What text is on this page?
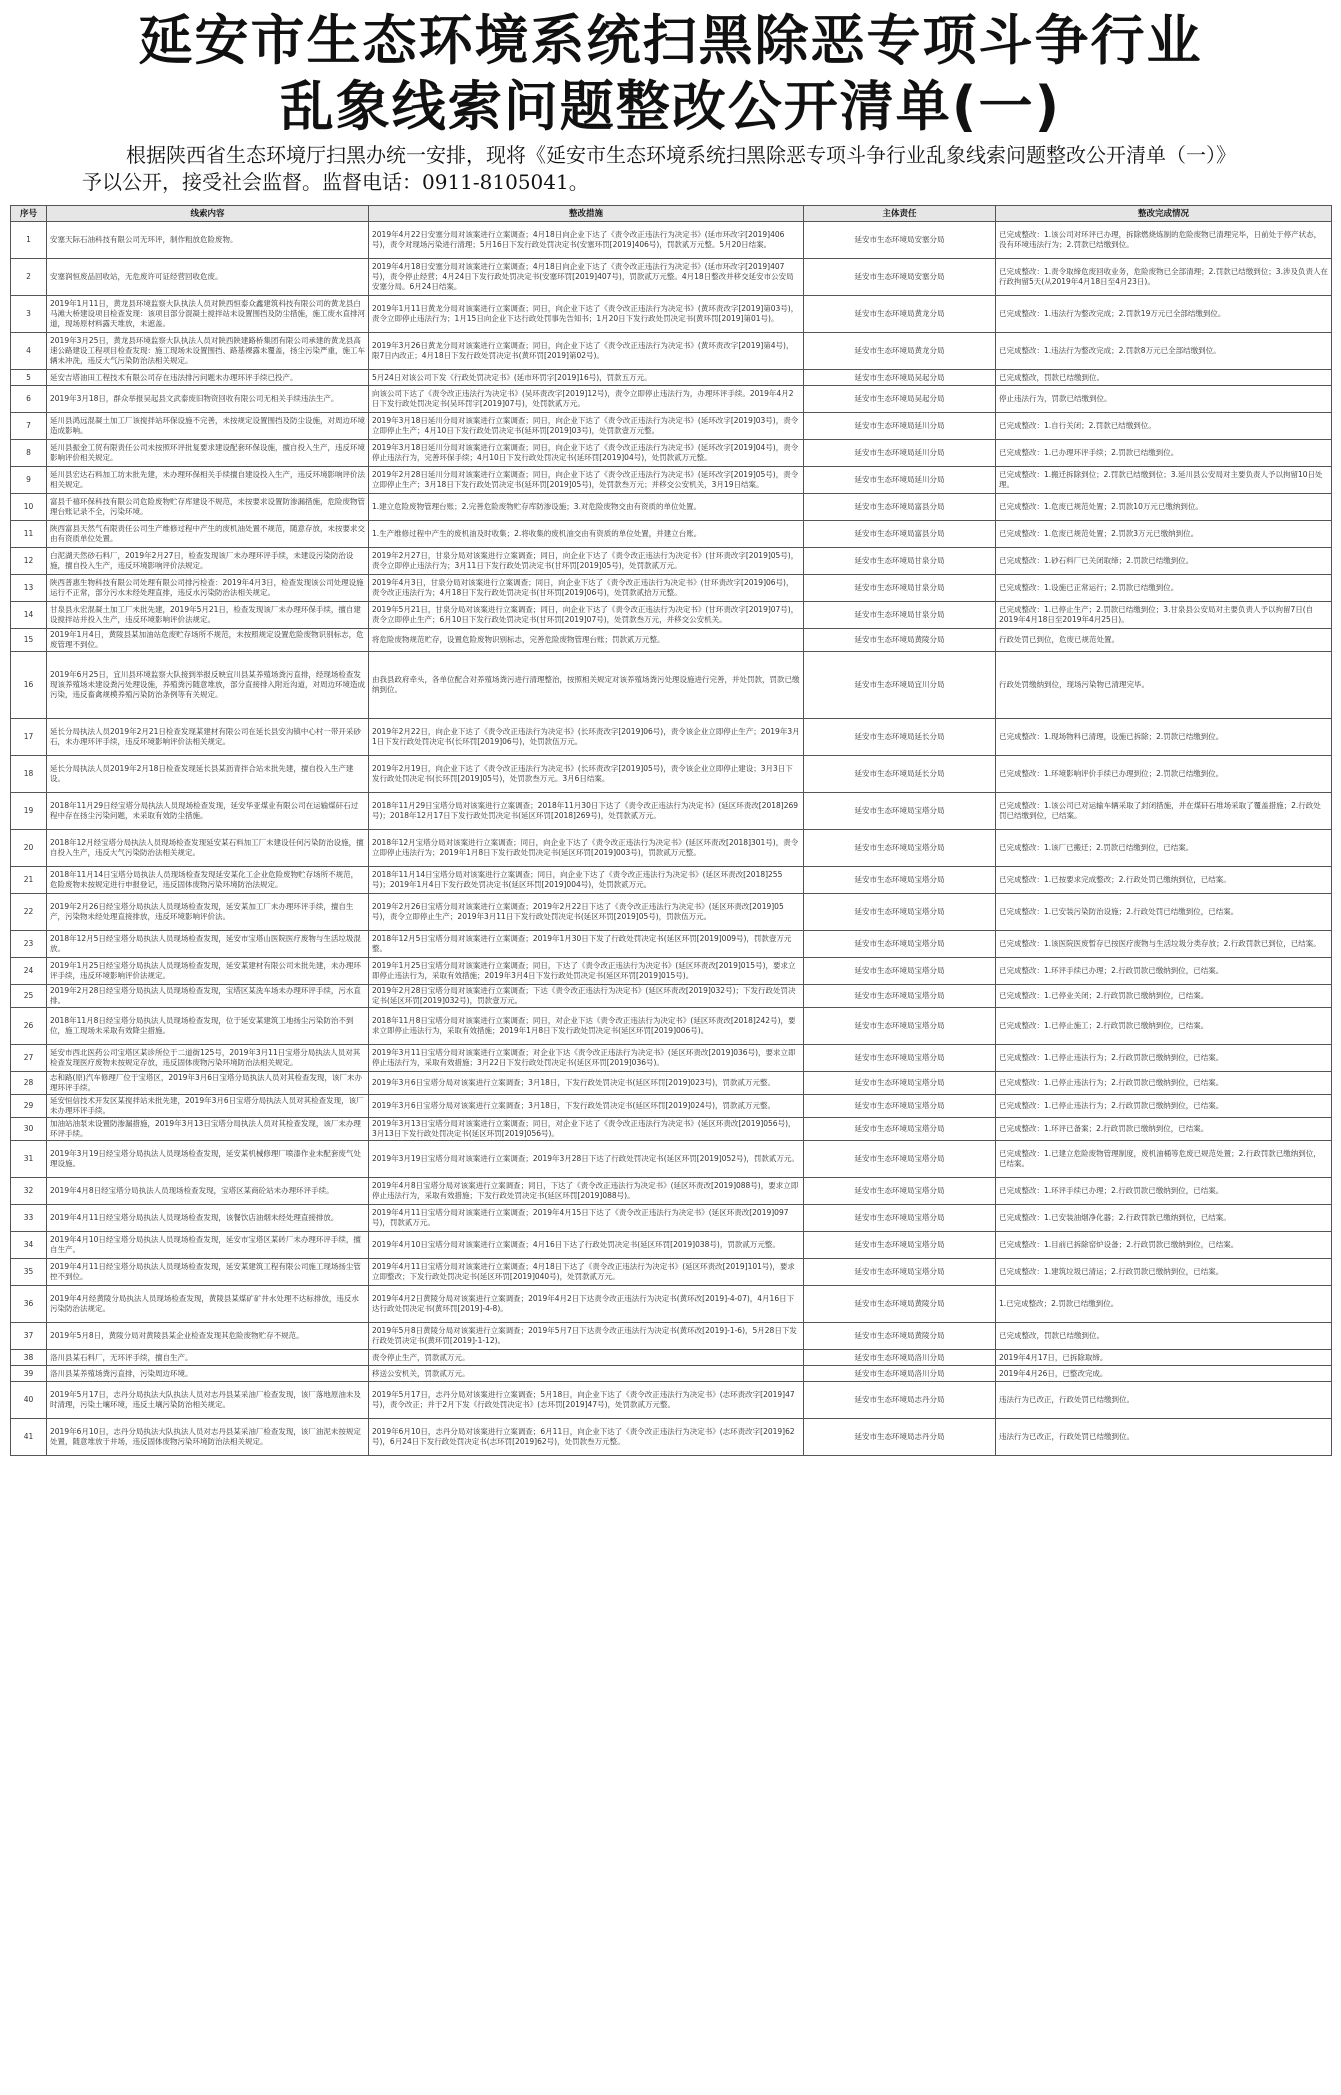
延安市生态环境系统扫黑除恶专项斗争行业
乱象线索问题整改公开清单(一)
根据陕西省生态环境厅扫黑办统一安排，现将《延安市生态环境系统扫黑除恶专项斗争行业乱象线索问题整改公开清单（一）》
予以公开，接受社会监督。监督电话：0911-8105041。
序号	线索内容	整改措施	主体责任	整改完成情况
1	安塞天际石油科技有限公司无环评，制作粗放危险废物。	2019年4月22日安塞分局对该案进行立案调查；4月18日向企业下达了《责令改正违法行为决定书》(延市环改字[2019]406号)，责令对现场污染进行清理；5月16日下发行政处罚决定书(安塞环罚[2019]406号)，罚款贰万元整。5月20日结案。	延安市生态环境局安塞分局	已完成整改：1.该公司对环评已办理，拆除燃烧炼制的危险废物已清理完毕，日前处于停产状态，没有环境违法行为；2.罚款已结缴到位。
2	安塞润恒废品回收站，无危废许可证经营回收危废。	2019年4月18日安塞分局对该案进行立案调查；4月18日向企业下达了《责令改正违法行为决定书》(延市环改字[2019]407号)，责令停止经营；4月24日下发行政处罚决定书(安塞环罚[2019]407号)，罚款贰万元整。4月18日整改并移交延安市公安局安塞分局。6月24日结案。	延安市生态环境局安塞分局	已完成整改：1.责令取缔危废回收业务，危险废物已全部清理；2.罚款已结缴到位；3.涉及负责人在行政拘留5天(从2019年4月18日至4月23日)。
3	2019年1月11日，黄龙县环境监察大队执法人员对陕西恒泰众鑫建筑科技有限公司的黄龙县白马滩大桥建设项目检查发现：该项目部分混凝土搅拌站未设置围挡及防尘措施，施工废水直排河道，现场原材料露天堆放，未遮盖。	2019年1月11日黄龙分局对该案进行立案调查；同日，向企业下达了《责令改正违法行为决定书》(黄环责改字[2019]第03号)，责令立即停止违法行为；1月15日向企业下达行政处罚事先告知书；1月20日下发行政处罚决定书(黄环罚[2019]第01号)。	延安市生态环境局黄龙分局	已完成整改：1.违法行为整改完成；2.罚款19万元已全部结缴到位。
4	2019年3月25日，黄龙县环境监察大队执法人员对陕西陕建路桥集团有限公司承建的黄龙县高速公路建设工程项目检查发现：施工现场未设置围挡、路基裸露未覆盖，扬尘污染严重，施工车辆未冲洗，违反大气污染防治法相关规定。	2019年3月26日黄龙分局对该案进行立案调查；同日，向企业下达了《责令改正违法行为决定书》(黄环责改字[2019]第4号)，限7日内改正；4月18日下发行政处罚决定书(黄环罚[2019]第02号)。	延安市生态环境局黄龙分局	已完成整改：1.违法行为整改完成；2.罚款8万元已全部结缴到位。
5	延安吉塔油田工程技术有限公司存在违法排污问题未办理环评手续已投产。	5月24日对该公司下发《行政处罚决定书》(延市环罚字[2019]16号)，罚款五万元。	延安市生态环境局吴起分局	已完成整改，罚款已结缴到位。
6	2019年3月18日，群众举报吴起县文武泰废旧物资回收有限公司无相关手续违法生产。	向该公司下达了《责令改正违法行为决定书》(吴环责改字[2019]12号)，责令立即停止违法行为，办理环评手续。2019年4月2日下发行政处罚决定书(吴环罚字[2019]07号)，处罚款贰万元。	延安市生态环境局吴起分局	停止违法行为，罚款已结缴到位。
7	延川县鸿远混凝土加工厂该搅拌站环保设施不完善，未按规定设置围挡及防尘设施，对周边环境造成影响。	2019年3月18日延川分局对该案进行立案调查；同日，向企业下达了《责令改正违法行为决定书》(延环改字[2019]03号)，责令立即停止生产；4月10日下发行政处罚决定书(延环罚[2019]03号)，处罚款壹万元整。	延安市生态环境局延川分局	已完成整改：1.自行关闭；2.罚款已结缴到位。
8	延川县振金工贸有限责任公司未按照环评批复要求建设配套环保设施，擅自投入生产，违反环境影响评价相关规定。	2019年3月18日延川分局对该案进行立案调查；同日，向企业下达了《责令改正违法行为决定书》(延环改字[2019]04号)，责令停止违法行为，完善环保手续；4月10日下发行政处罚决定书(延环罚[2019]04号)，处罚款贰万元整。	延安市生态环境局延川分局	已完成整改：1.已办理环评手续；2.罚款已结缴到位。
9	延川县宏达石料加工坊未批先建，未办理环保相关手续擅自建设投入生产，违反环境影响评价法相关规定。	2019年2月28日延川分局对该案进行立案调查；同日，向企业下达了《责令改正违法行为决定书》(延环改字[2019]05号)，责令立即停止生产；3月18日下发行政处罚决定书(延环罚[2019]05号)，处罚款叁万元；并移交公安机关，3月19日结案。	延安市生态环境局延川分局	已完成整改：1.搬迁拆除到位；2.罚款已结缴到位；3.延川县公安局对主要负责人予以拘留10日处理。
10	富县千禧环保科技有限公司危险废物贮存库建设不规范，未按要求设置防渗漏措施，危险废物管理台账记录不全，污染环境。	1.建立危险废物管理台账；2.完善危险废物贮存库防渗设施；3.对危险废物交由有资质的单位处置。	延安市生态环境局富县分局	已完成整改：1.危废已规范处置；2.罚款10万元已缴纳到位。
11	陕西富县天然气有限责任公司生产维修过程中产生的废机油处置不规范，随意存放，未按要求交由有资质单位处置。	1.生产维修过程中产生的废机油及时收集；2.将收集的废机油交由有资质的单位处置，并建立台账。	延安市生态环境局富县分局	已完成整改：1.危废已规范处置；2.罚款3万元已缴纳到位。
12	白泥湖天然砂石料厂，2019年2月27日，检查发现该厂未办理环评手续，未建设污染防治设施，擅自投入生产，违反环境影响评价法规定。	2019年2月27日，甘泉分局对该案进行立案调查；同日，向企业下达了《责令改正违法行为决定书》(甘环责改字[2019]05号)，责令立即停止违法行为；3月11日下发行政处罚决定书(甘环罚[2019]05号)，处罚款贰万元。	延安市生态环境局甘泉分局	已完成整改：1.砂石料厂已关闭取缔；2.罚款已结缴到位。
13	陕西普惠生物科技有限公司处理有限公司排污检查：2019年4月3日，检查发现该公司处理设施运行不正常，部分污水未经处理直排，违反水污染防治法相关规定。	2019年4月3日，甘泉分局对该案进行立案调查；同日，向企业下达了《责令改正违法行为决定书》(甘环责改字[2019]06号)，责令改正违法行为；4月18日下发行政处罚决定书(甘环罚[2019]06号)，处罚款贰拾万元整。	延安市生态环境局甘泉分局	已完成整改：1.设施已正常运行；2.罚款已结缴到位。
14	甘泉县永宏混凝土加工厂未批先建，2019年5月21日，检查发现该厂未办理环保手续，擅自建设搅拌站并投入生产，违反环境影响评价法规定。	2019年5月21日，甘泉分局对该案进行立案调查；同日，向企业下达了《责令改正违法行为决定书》(甘环责改字[2019]07号)，责令立即停止生产；6月10日下发行政处罚决定书(甘环罚[2019]07号)，处罚款叁万元，并移交公安机关。	延安市生态环境局甘泉分局	已完成整改：1.已停止生产；2.罚款已结缴到位；3.甘泉县公安局对主要负责人予以拘留7日(自2019年4月18日至2019年4月25日)。
15	2019年1月4日，黄陵县某加油站危废贮存场所不规范，未按照规定设置危险废物识别标志，危废管理不到位。	将危险废物规范贮存，设置危险废物识别标志，完善危险废物管理台账；罚款贰万元整。	延安市生态环境局黄陵分局	行政处罚已到位，危废已规范处置。
16	2019年6月25日，宜川县环境监察大队接到举报反映宜川县某养殖场粪污直排，经现场检查发现该养殖场未建设粪污处理设施，养殖粪污随意堆放，部分直接排入附近沟道，对周边环境造成污染，违反畜禽规模养殖污染防治条例等有关规定。	由我县政府牵头，各单位配合对养殖场粪污进行清理整治，按照相关规定对该养殖场粪污处理设施进行完善，并处罚款，罚款已缴纳到位。	延安市生态环境局宜川分局	行政处罚缴纳到位，现场污染物已清理完毕。
17	延长分局执法人员2019年2月21日检查发现某建材有限公司在延长县安沟镇中心村一带开采砂石，未办理环评手续，违反环境影响评价法相关规定。	2019年2月22日，向企业下达了《责令改正违法行为决定书》(长环责改字[2019]06号)，责令该企业立即停止生产；2019年3月1日下发行政处罚决定书(长环罚[2019]06号)，处罚款伍万元。	延安市生态环境局延长分局	已完成整改：1.现场物料已清理，设施已拆除；2.罚款已结缴到位。
18	延长分局执法人员2019年2月18日检查发现延长县某沥青拌合站未批先建，擅自投入生产建设。	2019年2月19日，向企业下达了《责令改正违法行为决定书》(长环责改字[2019]05号)，责令该企业立即停止建设；3月3日下发行政处罚决定书(长环罚[2019]05号)，处罚款叁万元。3月6日结案。	延安市生态环境局延长分局	已完成整改：1.环境影响评价手续已办理到位；2.罚款已结缴到位。
19	2018年11月29日经宝塔分局执法人员现场检查发现，延安华亚煤业有限公司在运输煤矸石过程中存在扬尘污染问题，未采取有效防尘措施。	2018年11月29日宝塔分局对该案进行立案调查；2018年11月30日下达了《责令改正违法行为决定书》(延区环责改[2018]269号)；2018年12月17日下发行政处罚决定书(延区环罚[2018]269号)，处罚款贰万元。	延安市生态环境局宝塔分局	已完成整改：1.该公司已对运输车辆采取了封闭措施，并在煤矸石堆场采取了覆盖措施；2.行政处罚已结缴到位，已结案。
20	2018年12月经宝塔分局执法人员现场检查发现延安某石料加工厂未建设任何污染防治设施，擅自投入生产，违反大气污染防治法相关规定。	2018年12月宝塔分局对该案进行立案调查；同日，向企业下达了《责令改正违法行为决定书》(延区环责改[2018]301号)，责令立即停止违法行为；2019年1月8日下发行政处罚决定书(延区环罚[2019]003号)，罚款贰万元整。	延安市生态环境局宝塔分局	已完成整改：1.该厂已搬迁；2.罚款已结缴到位，已结案。
21	2018年11月14日宝塔分局执法人员现场检查发现延安某化工企业危险废物贮存场所不规范，危险废物未按规定进行申报登记，违反固体废物污染环境防治法规定。	2018年11月14日宝塔分局对该案进行立案调查；同日，向企业下达了《责令改正违法行为决定书》(延区环责改[2018]255号)；2019年1月4日下发行政处罚决定书(延区环罚[2019]004号)，处罚款贰万元。	延安市生态环境局宝塔分局	已完成整改：1.已按要求完成整改；2.行政处罚已缴纳到位，已结案。
22	2019年2月26日经宝塔分局执法人员现场检查发现，延安某加工厂未办理环评手续，擅自生产，污染物未经处理直接排放，违反环境影响评价法。	2019年2月26日宝塔分局对该案进行立案调查；2019年2月22日下达了《责令改正违法行为决定书》(延区环责改[2019]05号)，责令立即停止生产；2019年3月11日下发行政处罚决定书(延区环罚[2019]05号)，罚款伍万元。	延安市生态环境局宝塔分局	已完成整改：1.已安装污染防治设施；2.行政处罚已结缴到位，已结案。
23	2018年12月5日经宝塔分局执法人员现场检查发现，延安市宝塔山医院医疗废物与生活垃圾混放。	2018年12月5日宝塔分局对该案进行立案调查；2019年1月30日下发了行政处罚决定书(延区环罚[2019]009号)，罚款壹万元整。	延安市生态环境局宝塔分局	已完成整改：1.该医院医废暂存已按医疗废物与生活垃圾分类存放；2.行政罚款已到位，已结案。
24	2019年1月25日经宝塔分局执法人员现场检查发现，延安某建材有限公司未批先建，未办理环评手续，违反环境影响评价法规定。	2019年1月25日宝塔分局对该案进行立案调查；同日，下达了《责令改正违法行为决定书》(延区环责改[2019]015号)，要求立即停止违法行为，采取有效措施；2019年3月4日下发行政处罚决定书(延区环罚[2019]015号)。	延安市生态环境局宝塔分局	已完成整改：1.环评手续已办理；2.行政罚款已缴纳到位，已结案。
25	2019年2月28日经宝塔分局执法人员现场检查发现，宝塔区某洗车场未办理环评手续，污水直排。	2019年2月28日宝塔分局对该案进行立案调查；下达《责令改正违法行为决定书》(延区环责改[2019]032号)；下发行政处罚决定书(延区环罚[2019]032号)，罚款壹万元。	延安市生态环境局宝塔分局	已完成整改：1.已停业关闭；2.行政罚款已缴纳到位，已结案。
26	2018年11月8日经宝塔分局执法人员现场检查发现，位于延安某建筑工地扬尘污染防治不到位，施工现场未采取有效降尘措施。	2018年11月8日宝塔分局对该案进行立案调查；同日，对企业下达《责令改正违法行为决定书》(延区环责改[2018]242号)，要求立即停止违法行为，采取有效措施；2019年1月8日下发行政处罚决定书(延区环罚[2019]006号)。	延安市生态环境局宝塔分局	已完成整改：1.已停止施工；2.行政罚款已缴纳到位，已结案。
27	延安市西北医药公司宝塔区某诊所位于二道街125号，2019年3月11日宝塔分局执法人员对其检查发现医疗废物未按规定存放，违反固体废物污染环境防治法相关规定。	2019年3月11日宝塔分局对该案进行立案调查；对企业下达《责令改正违法行为决定书》(延区环责改[2019]036号)，要求立即停止违法行为，采取有效措施；3月22日下发行政处罚决定书(延区环罚[2019]036号)。	延安市生态环境局宝塔分局	已完成整改：1.已停止违法行为；2.行政罚款已缴纳到位，已结案。
28	志和路(原)汽车修理厂位于宝塔区，2019年3月6日宝塔分局执法人员对其检查发现，该厂未办理环评手续。	2019年3月6日宝塔分局对该案进行立案调查；3月18日，下发行政处罚决定书(延区环罚[2019]023号)，罚款贰万元整。	延安市生态环境局宝塔分局	已完成整改：1.已停止违法行为；2.行政罚款已缴纳到位，已结案。
29	延安恒信技术开发区某搅拌站未批先建，2019年3月6日宝塔分局执法人员对其检查发现，该厂未办理环评手续。	2019年3月6日宝塔分局对该案进行立案调查；3月18日，下发行政处罚决定书(延区环罚[2019]024号)，罚款贰万元整。	延安市生态环境局宝塔分局	已完成整改：1.已停止违法行为；2.行政罚款已缴纳到位，已结案。
30	加油站油泵未设置防渗漏措施，2019年3月13日宝塔分局执法人员对其检查发现，该厂未办理环评手续。	2019年3月13日宝塔分局对该案进行立案调查；同日，对企业下达了《责令改正违法行为决定书》(延区环责改[2019]056号)，3月13日下发行政处罚决定书(延区环罚[2019]056号)。	延安市生态环境局宝塔分局	已完成整改：1.环评已备案；2.行政罚款已缴纳到位，已结案。
31	2019年3月19日经宝塔分局执法人员现场检查发现，延安某机械修理厂喷漆作业未配套废气处理设施。	2019年3月19日宝塔分局对该案进行立案调查；2019年3月28日下达了行政处罚决定书(延区环罚[2019]052号)，罚款贰万元。	延安市生态环境局宝塔分局	已完成整改：1.已建立危险废物管理制度，废机油桶等危废已规范处置；2.行政罚款已缴纳到位，已结案。
32	2019年4月8日经宝塔分局执法人员现场检查发现，宝塔区某商砼站未办理环评手续。	2019年4月8日宝塔分局对该案进行立案调查；同日，下达了《责令改正违法行为决定书》(延区环责改[2019]088号)，要求立即停止违法行为，采取有效措施；下发行政处罚决定书(延区环罚[2019]088号)。	延安市生态环境局宝塔分局	已完成整改：1.环评手续已办理；2.行政罚款已缴纳到位，已结案。
33	2019年4月11日经宝塔分局执法人员现场检查发现，该餐饮店油烟未经处理直接排放。	2019年4月11日宝塔分局对该案进行立案调查；2019年4月15日下达了《责令改正违法行为决定书》(延区环责改[2019]097号)，罚款贰万元。	延安市生态环境局宝塔分局	已完成整改：1.已安装油烟净化器；2.行政罚款已缴纳到位，已结案。
34	2019年4月10日经宝塔分局执法人员现场检查发现，延安市宝塔区某砖厂未办理环评手续，擅自生产。	2019年4月10日宝塔分局对该案进行立案调查；4月16日下达了行政处罚决定书(延区环罚[2019]038号)，罚款贰万元整。	延安市生态环境局宝塔分局	已完成整改：1.目前已拆除窑炉设备；2.行政罚款已缴纳到位，已结案。
35	2019年4月11日经宝塔分局执法人员现场检查发现，延安某建筑工程有限公司施工现场扬尘管控不到位。	2019年4月11日宝塔分局对该案进行立案调查；4月18日下达了《责令改正违法行为决定书》(延区环责改[2019]101号)，要求立即整改；下发行政处罚决定书(延区环罚[2019]040号)，处罚款贰万元。	延安市生态环境局宝塔分局	已完成整改：1.建筑垃圾已清运；2.行政罚款已缴纳到位，已结案。
36	2019年4月经黄陵分局执法人员现场检查发现，黄陵县某煤矿矿井水处理不达标排放，违反水污染防治法规定。	2019年4月2日黄陵分局对该案进行立案调查；2019年4月2日下达责令改正违法行为决定书(黄环改[2019]-4-07)，4月16日下达行政处罚决定书(黄环罚[2019]-4-8)。	延安市生态环境局黄陵分局	1.已完成整改；2.罚款已结缴到位。
37	2019年5月8日，黄陵分局对黄陵县某企业检查发现其危险废物贮存不规范。	2019年5月8日黄陵分局对该案进行立案调查；2019年5月7日下达责令改正违法行为决定书(黄环改[2019]-1-6)，5月28日下发行政处罚决定书(黄环罚[2019]-1-12)。	延安市生态环境局黄陵分局	已完成整改，罚款已结缴到位。
38	洛川县某石料厂，无环评手续，擅自生产。	责令停止生产，罚款贰万元。	延安市生态环境局洛川分局	2019年4月17日，已拆除取缔。
39	洛川县某养殖场粪污直排，污染周边环境。	移送公安机关，罚款贰万元。	延安市生态环境局洛川分局	2019年4月26日，已整改完成。
40	2019年5月17日，志丹分局执法大队执法人员对志丹县某采油厂检查发现，该厂落地原油未及时清理，污染土壤环境，违反土壤污染防治相关规定。	2019年5月17日，志丹分局对该案进行立案调查；5月18日，向企业下达了《责令改正违法行为决定书》(志环责改字[2019]47号)，责令改正；并于2月下发《行政处罚决定书》(志环罚[2019]47号)，处罚款贰万元整。	延安市生态环境局志丹分局	违法行为已改正，行政处罚已结缴到位。
41	2019年6月10日，志丹分局执法大队执法人员对志丹县某采油厂检查发现，该厂油泥未按规定处置，随意堆放于井场，违反固体废物污染环境防治法相关规定。	2019年6月10日，志丹分局对该案进行立案调查；6月11日，向企业下达了《责令改正违法行为决定书》(志环责改字[2019]62号)，6月24日下发行政处罚决定书(志环罚[2019]62号)，处罚款叁万元整。	延安市生态环境局志丹分局	违法行为已改正，行政处罚已结缴到位。
